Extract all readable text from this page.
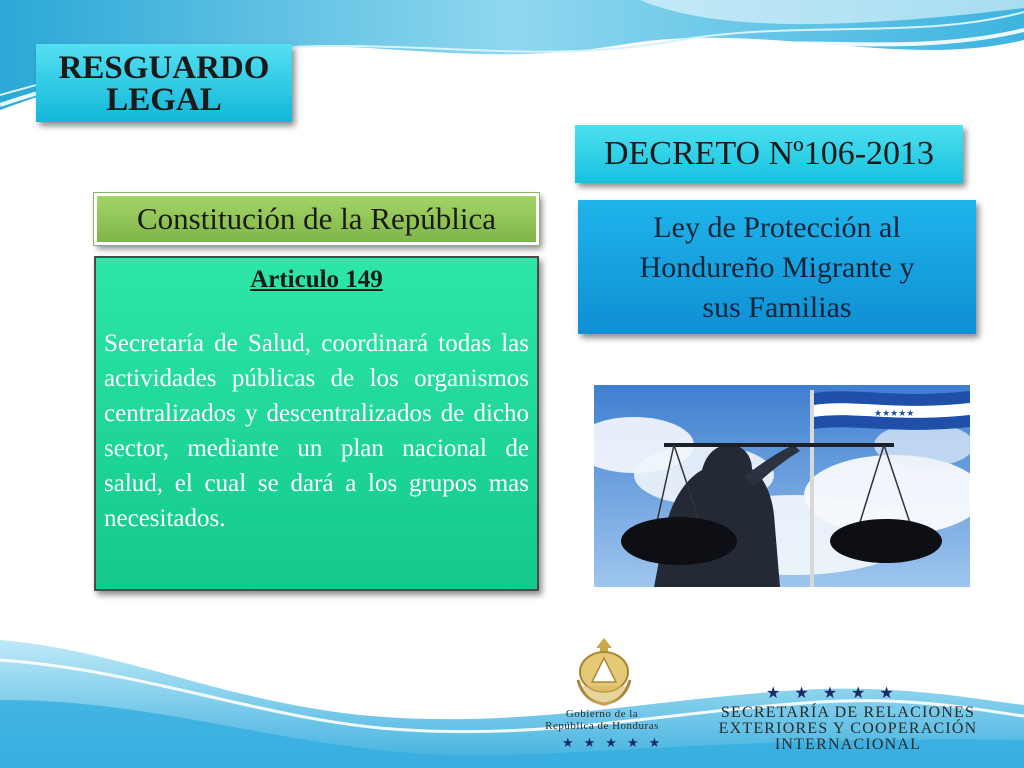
RESGUARDO
LEGAL
DECRETO Nº106-2013
Constitución de la República	Ley de Protección al
Hondureño Migrante y
sus Familias

Articulo 149

Secretaría de Salud, coordinará todas las actividades públicas de los organismos centralizados y descentralizados de dicho sector, mediante un plan nacional de salud, el cual se dará a los grupos mas necesitados.

★★★★★
Gobierno de la
República de Honduras
★★★★★
★★★★★
SECRETARÍA DE RELACIONES
EXTERIORES Y COOPERACIÓN
INTERNACIONAL
